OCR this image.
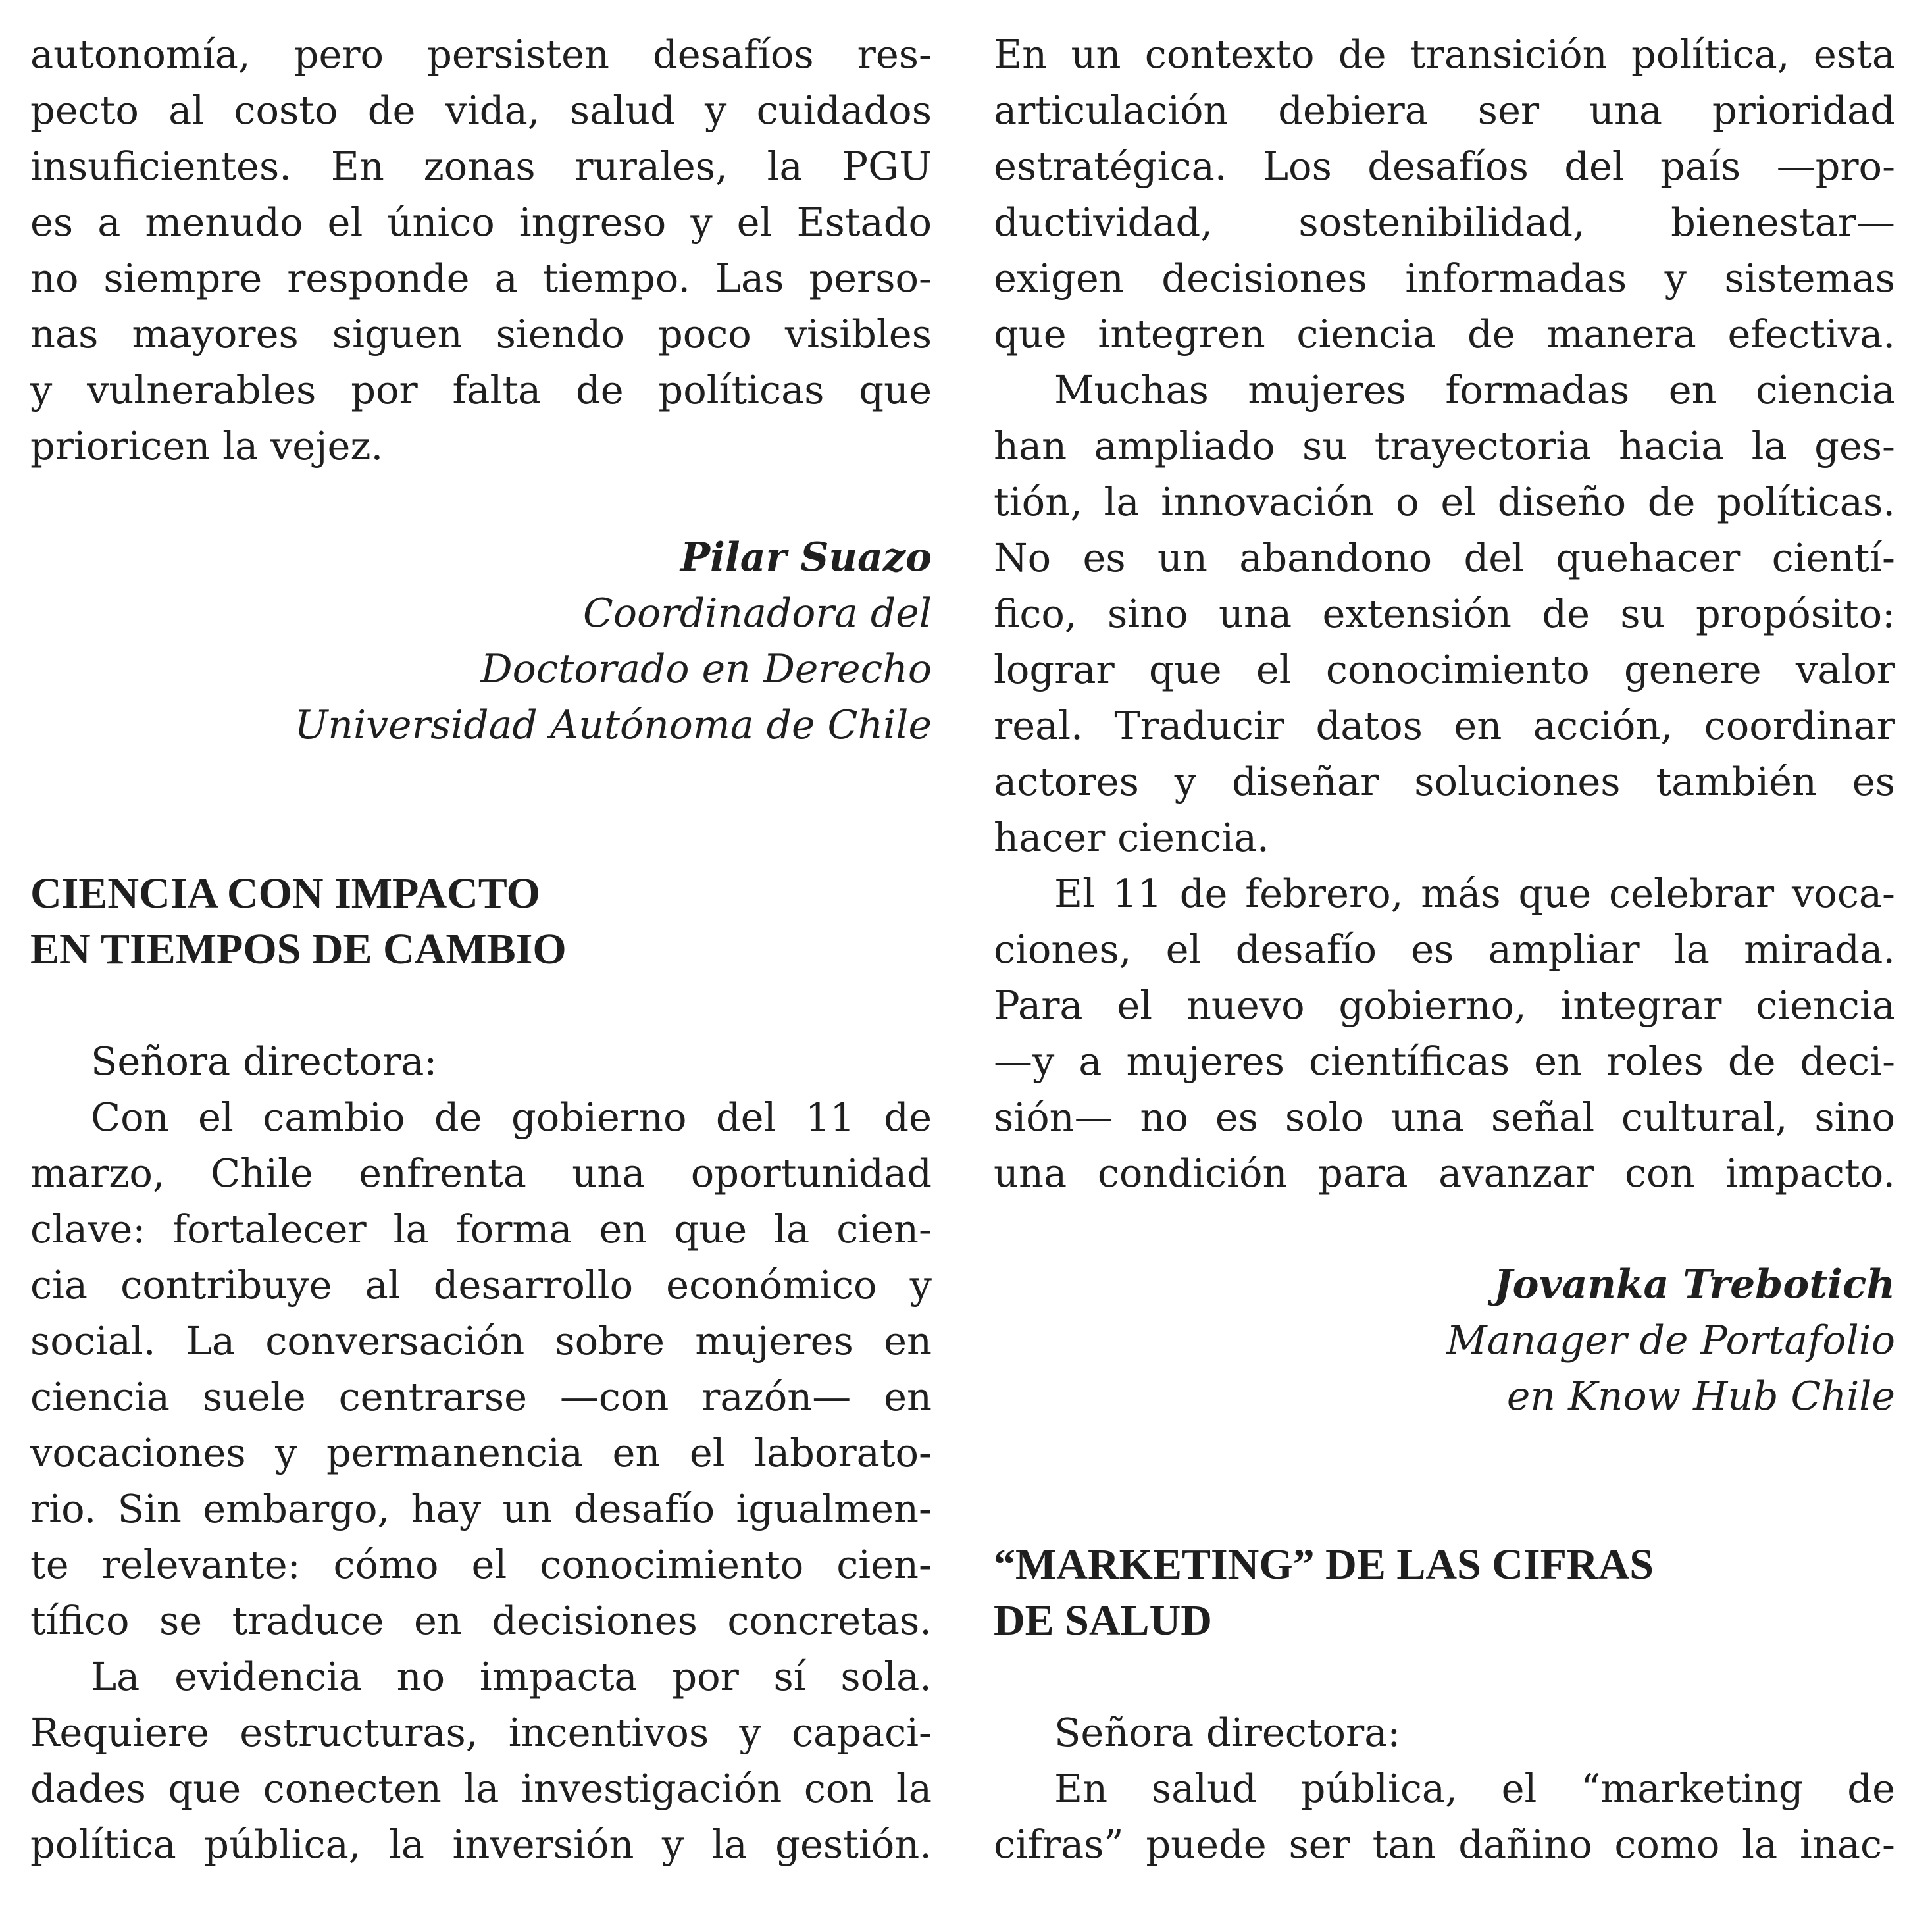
autonomía, pero persisten desafíos res-
pecto al costo de vida, salud y cuidados
insuficientes. En zonas rurales, la PGU
es a menudo el único ingreso y el Estado
no siempre responde a tiempo. Las perso-
nas mayores siguen siendo poco visibles
y vulnerables por falta de políticas que
prioricen la vejez.
Pilar Suazo
Coordinadora del
Doctorado en Derecho
Universidad Autónoma de Chile
CIENCIA CON IMPACTO
EN TIEMPOS DE CAMBIO
Señora directora:
Con el cambio de gobierno del 11 de
marzo, Chile enfrenta una oportunidad
clave: fortalecer la forma en que la cien-
cia contribuye al desarrollo económico y
social. La conversación sobre mujeres en
ciencia suele centrarse —con razón— en
vocaciones y permanencia en el laborato-
rio. Sin embargo, hay un desafío igualmen-
te relevante: cómo el conocimiento cien-
tífico se traduce en decisiones concretas.
La evidencia no impacta por sí sola.
Requiere estructuras, incentivos y capaci-
dades que conecten la investigación con la
política pública, la inversión y la gestión.
En un contexto de transición política, esta
articulación debiera ser una prioridad
estratégica. Los desafíos del país —pro-
ductividad, sostenibilidad, bienestar—
exigen decisiones informadas y sistemas
que integren ciencia de manera efectiva.
Muchas mujeres formadas en ciencia
han ampliado su trayectoria hacia la ges-
tión, la innovación o el diseño de políticas.
No es un abandono del quehacer cientí-
fico, sino una extensión de su propósito:
lograr que el conocimiento genere valor
real. Traducir datos en acción, coordinar
actores y diseñar soluciones también es
hacer ciencia.
El 11 de febrero, más que celebrar voca-
ciones, el desafío es ampliar la mirada.
Para el nuevo gobierno, integrar ciencia
—y a mujeres científicas en roles de deci-
sión— no es solo una señal cultural, sino
una condición para avanzar con impacto.
Jovanka Trebotich
Manager de Portafolio
en Know Hub Chile
“MARKETING” DE LAS CIFRAS
DE SALUD
Señora directora:
En salud pública, el “marketing de
cifras” puede ser tan dañino como la inac-
